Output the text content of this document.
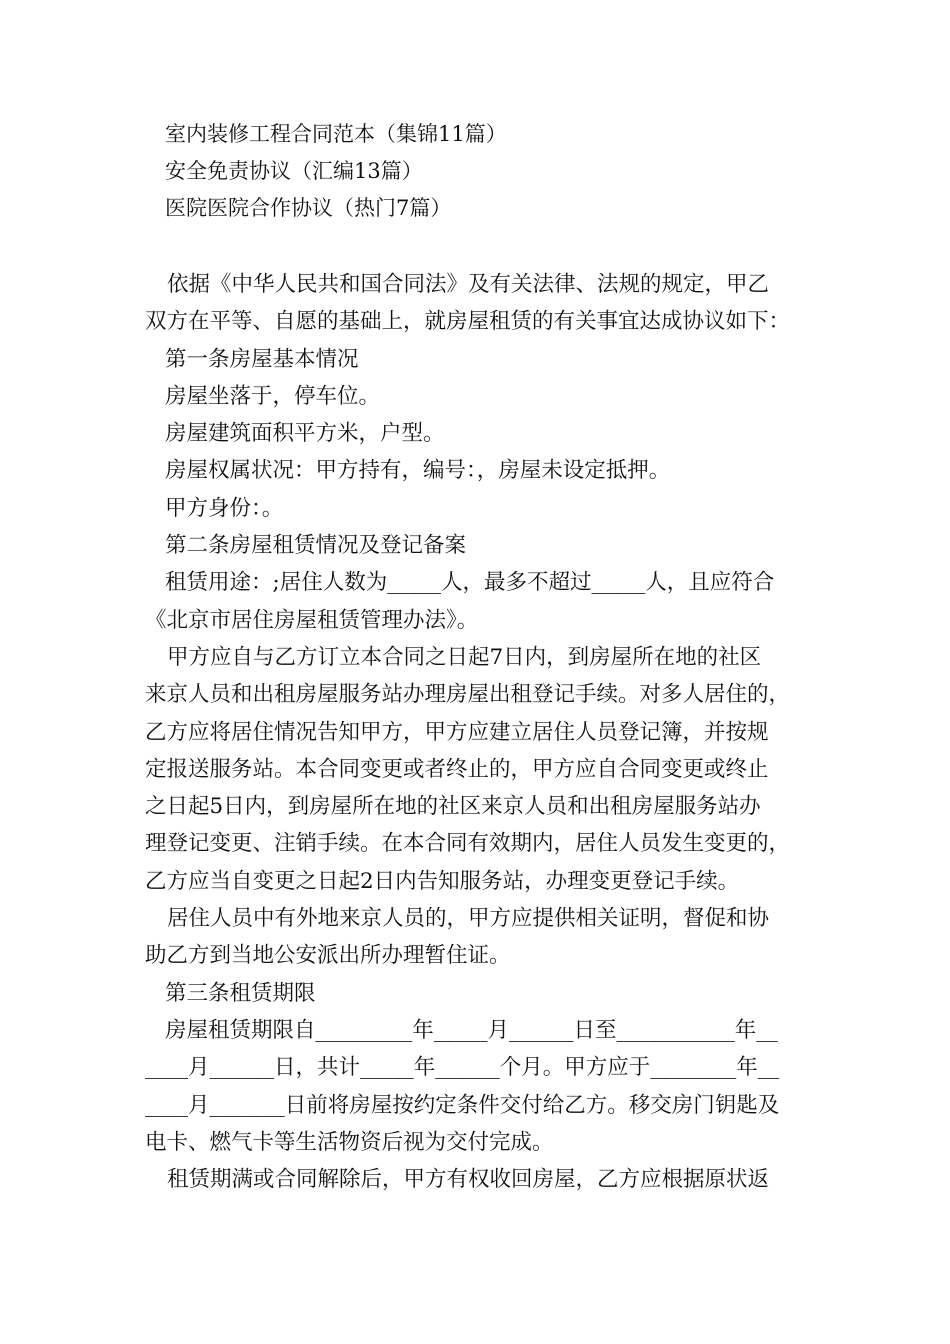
室内装修工程合同范本（集锦11篇）
安全免责协议（汇编13篇）
医院医院合作协议（热门7篇）
依据《中华人民共和国合同法》及有关法律、法规的规定，甲乙
双方在平等、自愿的基础上，就房屋租赁的有关事宜达成协议如下：
第一条房屋基本情况
房屋坐落于，停车位。
房屋建筑面积平方米，户型。
房屋权属状况：甲方持有，编号：，房屋未设定抵押。
甲方身份：。
第二条房屋租赁情况及登记备案
租赁用途：;居住人数为_____人，最多不超过_____人，且应符合
《北京市居住房屋租赁管理办法》。
甲方应自与乙方订立本合同之日起7日内，到房屋所在地的社区
来京人员和出租房屋服务站办理房屋出租登记手续。对多人居住的，
乙方应将居住情况告知甲方，甲方应建立居住人员登记簿，并按规
定报送服务站。本合同变更或者终止的，甲方应自合同变更或终止
之日起5日内，到房屋所在地的社区来京人员和出租房屋服务站办
理登记变更、注销手续。在本合同有效期内，居住人员发生变更的，
乙方应当自变更之日起2日内告知服务站，办理变更登记手续。
居住人员中有外地来京人员的，甲方应提供相关证明，督促和协
助乙方到当地公安派出所办理暂住证。
第三条租赁期限
房屋租赁期限自_________年_____月______日至___________年__
____月______日，共计_____年______个月。甲方应于________年__
____月_______日前将房屋按约定条件交付给乙方。移交房门钥匙及
电卡、燃气卡等生活物资后视为交付完成。
租赁期满或合同解除后，甲方有权收回房屋，乙方应根据原状返
